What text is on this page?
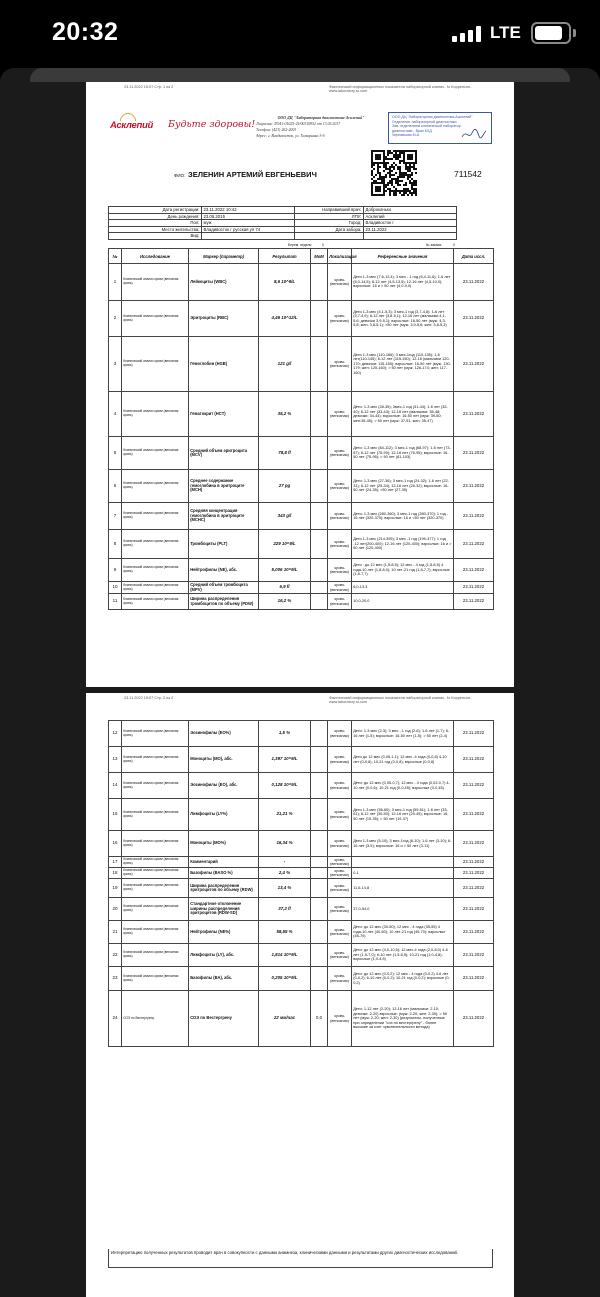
20:32	LTE
23.11.2022 15:07 Стр. 1 из 2	Фактический информационных показатели лабораторной клиник.. fo Корренсон.. www.laboratory.ru.com
Асклепий Будьте здоровы!
ООО ДЦ "Лабораторная диагностика-Асклепий"
Лицензия: ЛО41-01025-25/00310952 от 13.03.2017
Телефон: (423) 202-2003
Адрес: г. Владивосток, ул. Гамарника 3-б
ООО ДЦ "Лабораторная диагностика-Асклепий"
Отделение лабораторной диагностики
Зав. отделением клинической лаборатор.
диагностики - Врач КЛД
Чернявская М.А.
ФИО: ЗЕЛЕНИН АРТЕМИЙ ЕВГЕНЬЕВИЧ	711542
Дата регистрации:	23.11.2022 10:42	Направивший врач:	Доброкачько
День рождения:	23.05.2015	ЛПУ:	Асклепий
Пол:	муж	Город:	Владивосток г
Место жительства:	Владивосток г русская ул 74	Дата забора:	23.11.2022
Вид:			
Берем. недель:	0	№ заказа:	0
№	Исследование	Маркер (параметр)	Результат	МоМ	Локализация	Референсные значения	Дата иссл.
1	Клинический анализ крови (венозная кровь)	Лейкоциты (WBC)	8,6 10^9/L		кровь (венозная)	Дети 1-3 мес (7,6-12,4); 3 мес - 1 год (6,4-11,6); 1-6 лет (5,0-14,5); 6-12 лет (4,5-13,5); 12-16 лет (4,5-10,0); взрослые: 16 и > 50 лет (4,0-9,0)	23.11.2022
2	Клинический анализ крови (венозная кровь)	Эритроциты (RBC)	4,46 10^12/L		кровь (венозная)	Дети 1-3 мес (4,1-5,3); 3 мес-1 год (3,7-4,8); 1-6 лет (3,7-4,9); 6-12 лет (3,8-5,1); 12-16 лет (мальчики 4,1-5,6; девочки 3,9-5,1); взрослые: 16-50 лет (муж: 4,3-5,8; жен: 3,8-5,1); >50 лет (муж: 3,9-5,6; жен: 3,8-5,3)	23.11.2022
3	Клинический анализ крови (венозная кровь)	Гемоглобин (HGB)	121 g/l		кровь (венозная)	Дети 1-3 мес (110-166); 3 мес-1год (110-135); 1-6 лет(110-145); 6-12 лет (115-150); 12-16 (мальчики 120-170; девочки: 115-150); взрослые: 16-50 лет (муж: 130-179; жен: 120-160); > 50 лет (муж: 126-174; жен: 117-160)	23.11.2022
4	Клинический анализ крови (венозная кровь)	Гематокрит (HCT)	35,2 %		кровь (венозная)	Дети: 1-3 мес (28-35); 3мес-1 год (31-44); 1-6 лет (32-40); 6-12 лет (33-43); 12-16 лет (мальчики: 35-48; девочки: 34-44); взрослые: 16-50 лет (муж: 39-50; жен:35-45); > 50 лет (муж: 37-51; жен: 35-47)	23.11.2022
5	Клинический анализ крови (венозная кровь)	Средний объем эритроцита (MCV)	78,8 fl		кровь (венозная)	Дети: 1-3 мес (84-112); 3 мес-1 год (68-97); 1-6 лет (73-87); 6-12 лет (75-90); 12-16 лет (76-95); взрослые: 16-50 лет (75-95); > 50 лет (81-103)	23.11.2022
6	Клинический анализ крови (венозная кровь)	Среднее содержание гемоглобина в эритроците (MCH)	27 pg		кровь (венозная)	Дети: 1-3 мес (27-36); 3 мес-1 год (24-32); 1-6 лет (22-31); 6-12 лет (25-34); 12-16 лет (26-32); взрослые: 16-50 лет (24-35); >50 лет (27-35)	23.11.2022
7	Клинический анализ крови (венозная кровь)	Средняя концентрация гемоглобина в эритроците (MCHC)	343 g/l		кровь (венозная)	Дети: 1-3 мес (280-360); 3 мес-1 год (280-370); 1 год - 16 лет (320-370); взрослые: 16 и >50 лет (320-370)	23.11.2022
8	Клинический анализ крови (венозная кровь)	Тромбоциты (PLT)	229 10^9/L		кровь (венозная)	Дети 1-3 мес (214-395); 3 мес -1 год (199-377); 1 год -12 лет(200-400); 12-16 лет (120-400); взрослые: 16 и > 50 лет (120-400)	23.11.2022
9	Клинический анализ крови (венозная кровь)	Нейтрофилы (NE), абс.	5,006 10^9/L		кровь (венозная)	Дети : до 12 мес (1,5-8,5); 12 мес - 4 год (1,5-8,5) 4 года-10 лет (1,8-8,0); 10 лет-21 год (1,8-7,7); взрослые (1,8-7,7)	23.11.2022
10	Клинический анализ крови (венозная кровь)	Средний объем тромбоцита (MPV)	6,9 fl		кровь (венозная)	6,0-13,3	23.11.2022
11	Клинический анализ крови (венозная кровь)	Ширина распределения тромбоцитов по объему (PDW)	16,2 %		кровь (венозная)	10,0-20,0	23.11.2022
23.11.2022 15:07 Стр. 2 из 2	Фактический информационных показатели лабораторной клиник.. fo Корренсон.. www.laboratory.ru.com
12	Клинический анализ крови (венозная кровь)	Эозинофилы (EO%)	1,5 %		кровь (венозная)	Дети: 1-3 мес (2-3); 3 мес - 1 год (2-6); 1-6 лет (1-7); 6-16 лет (1-5); взрослые: 16-50 лет (1-5); > 50 лет (2-4)	23.11.2022
13	Клинический анализ крови (венозная кровь)	Моноциты (MO), абс.	1,397 10^9/L		кровь (венозная)	Дети до 12 мес (0,05-1,1); 12 мес -4 года (0-0,8) 4-10 лет (0-0,8); 10-21 год (0-0,8); взрослые (0-0,8)	23.11.2022
14	Клинический анализ крови (венозная кровь)	Эозинофилы (EO), абс.	0,128 10^9/L		кровь (венозная)	Дети: до 12 мес (0,05-0,7); 12 мес - 4 года (0,02-0,7) 4-10 лет (0-0,6); 10-21 год (0-0,45); взрослые (0-0,45)	23.11.2022
15	Клинический анализ крови (венозная кровь)	Лимфоциты (LY%)	21,21 %		кровь (венозная)	Дети 1-3 мес (56-60); 3 мес-1 год (59-61); 1-6 лет (33-61); 6-12 лет (30-50); 12-16 лет (29-45); взрослые: 16-50 лет (19-35); > 50 лет (19-37)	23.11.2022
16	Клинический анализ крови (венозная кровь)	Моноциты (MO%)	16,34 %		кровь (венозная)	Дети 1-3 мес (5-10); 3 мес-1год (6-10); 1-6 лет (3-10); 6-16 лет (3-9); взрослые: 16 и > 50 лет (3-11)	23.11.2022
17	Клинический анализ крови (венозная кровь)	Комментарий	-		кровь (венозная)		23.11.2022
18	Клинический анализ крови (венозная кровь)	Базофилы (BASO %)	2,4 %		кровь (венозная)	0-1	23.11.2022
19	Клинический анализ крови (венозная кровь)	Ширина распределения эритроцитов по объему (RDW)	13,4 %		кровь (венозная)	11,6-14,8	23.11.2022
20	Клинический анализ крови (венозная кровь)	Стандартное отклонение ширины распределения эритроцитов (RDW-SD)	37,2 fl		кровь (венозная)	37,0-54,0	23.11.2022
21	Клинический анализ крови (венозная кровь)	Нейтрофилы (NE%)	58,55 %		кровь (венозная)	Дети: до 12 мес (30-50); 12 мес - 4 года (35-55) 4 года-10 лет (40-60); 10 лет-21 год (45-70); взрослые (45-70)	23.11.2022
22	Клинический анализ крови (венозная кровь)	Лимфоциты (LY), абс.	1,814 10^9/L		кровь (венозная)	Дети: до 12 мес (4,0-10,5); 12 мес-4 года (2,0-8,0) 4-6 лет (1,5-7,0); 6-10 лет (1,5-6,5); 10-21 год (1,0-4,8); взрослые (1,0-4,5)	23.11.2022
23	Клинический анализ крови (венозная кровь)	Базофилы (BA), абс.	0,205 10^9/L		кровь (венозная)	Дети: до 12 мес (0-0,2); 12 мес - 4 года (0-0,2) 4-6 лет (0-0,2); 6-10 лет (0-0,2); 10-21 год (0-0,2); взрослые (0-0,2)	23.11.2022
24	СОЭ по Вестергрену	СОЭ по Вестергрену	22 мм/час	0,0	кровь (венозная)	Дети: 1-12 лет (2-20); 12-16 лет (мальчики: 2-10; девочки: 2-20) взрослые: (муж: 2-20; жен: 2-30); > 50 лет (муж: 2-20; жен: 2-30) (результаты, полученные при определении "соэ по вестергрену" - более высокие за счет чувствительности метода)	23.11.2022
Интерпретацию полученных результатов проводит врач в совокупности с данными анамнеза, клиническими данными и результатами других диагностических исследований.
